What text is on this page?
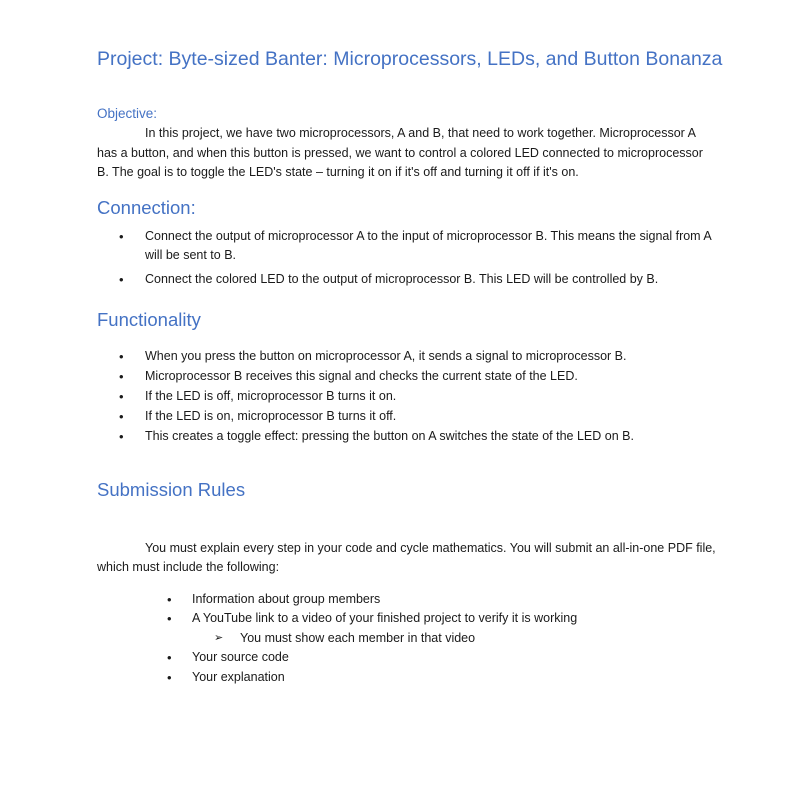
Project: Byte-sized Banter: Microprocessors, LEDs, and Button Bonanza
Objective:

In this project, we have two microprocessors, A and B, that need to work together. Microprocessor A has a button, and when this button is pressed, we want to control a colored LED connected to microprocessor B. The goal is to toggle the LED's state – turning it on if it's off and turning it off if it's on.

Connection:
• Connect the output of microprocessor A to the input of microprocessor B. This means the signal from A will be sent to B.
• Connect the colored LED to the output of microprocessor B. This LED will be controlled by B.
Functionality
• When you press the button on microprocessor A, it sends a signal to microprocessor B.
• Microprocessor B receives this signal and checks the current state of the LED.
• If the LED is off, microprocessor B turns it on.
• If the LED is on, microprocessor B turns it off.
• This creates a toggle effect: pressing the button on A switches the state of the LED on B.
Submission Rules

You must explain every step in your code and cycle mathematics. You will submit an all-in-one PDF file, which must include the following:

• Information about group members
• A YouTube link to a video of your finished project to verify it is working
➢ You must show each member in that video
• Your source code
• Your explanation
